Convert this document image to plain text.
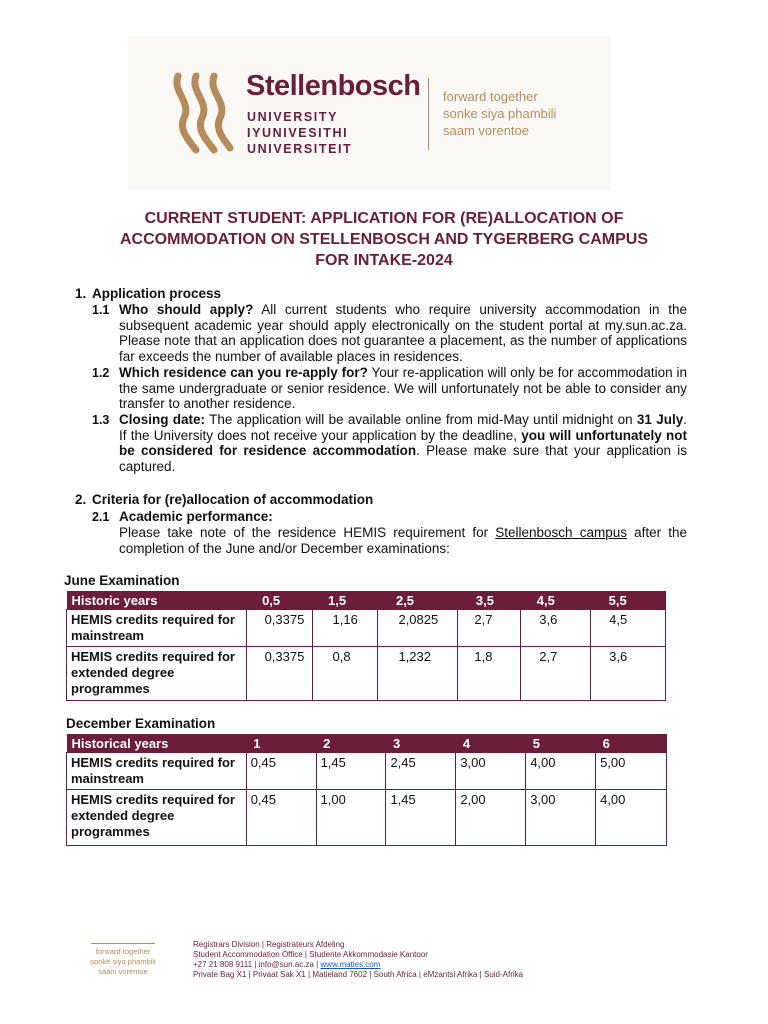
Stellenbosch
UNIVERSITY
IYUNIVESITHI
UNIVERSITEIT
forward together
sonke siya phambili
saam vorentoe
CURRENT STUDENT: APPLICATION FOR (RE)ALLOCATION OF
ACCOMMODATION ON STELLENBOSCH AND TYGERBERG CAMPUS
FOR INTAKE-2024
1. Application process
1.1 Who should apply? All current students who require university accommodation in the subsequent academic year should apply electronically on the student portal at my.sun.ac.za. Please note that an application does not guarantee a placement, as the number of applications far exceeds the number of available places in residences.
1.2 Which residence can you re-apply for? Your re-application will only be for accommodation in the same undergraduate or senior residence. We will unfortunately not be able to consider any transfer to another residence.
1.3 Closing date: The application will be available online from mid-May until midnight on 31 July. If the University does not receive your application by the deadline, you will unfortunately not be considered for residence accommodation. Please make sure that your application is captured.
2. Criteria for (re)allocation of accommodation
2.1 Academic performance:
Please take note of the residence HEMIS requirement for Stellenbosch campus after the completion of the June and/or December examinations:
June Examination
Historic years	0,5	1,5	2,5	3,5	4,5	5,5
HEMIS credits required for mainstream	0,3375	1,16	2,0825	2,7	3,6	4,5
HEMIS credits required for extended degree programmes	0,3375	0,8	1,232	1,8	2,7	3,6
December Examination
Historical years	1	2	3	4	5	6
HEMIS credits required for mainstream	0,45	1,45	2,45	3,00	4,00	5,00
HEMIS credits required for extended degree programmes	0,45	1,00	1,45	2,00	3,00	4,00
forward together
sonke siya phambili
saam vorentoe
Registrars Division | Registrateurs Afdeling
Student Accommodation Office | Studente Akkommodasie Kantoor
+27 21 808 9111 | info@sun.ac.za | www.maties.com
Private Bag X1 | Privaat Sak X1 | Matieland 7602 | South Africa | eMzantsi Afrika | Suid-Afrika
